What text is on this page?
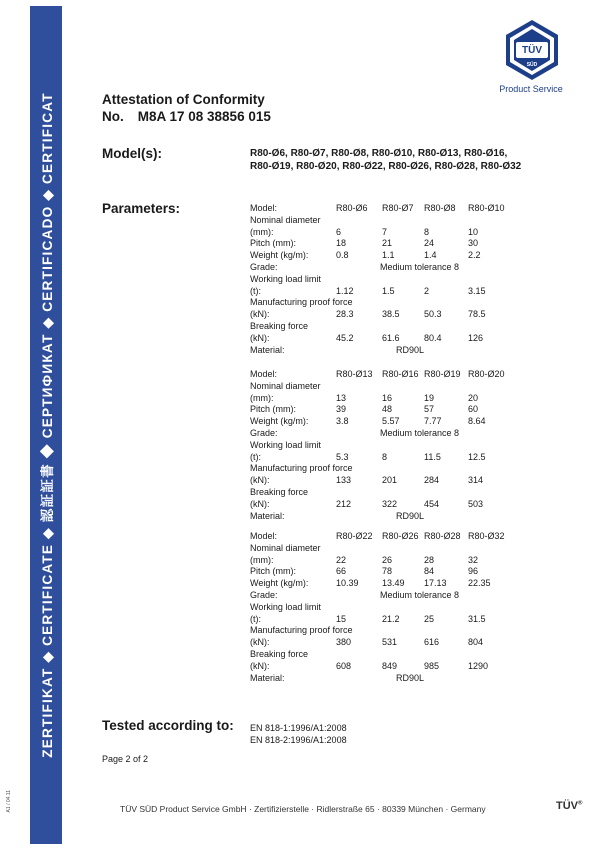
ZERTIFIKAT ◆ CERTIFICATE ◆ 認証証書 ◆ СЕРТИФИКАТ ◆ CERTIFICADO ◆ CERTIFICAT
A1 / 04.11
TÜV
SÜD
Product Service
Attestation of Conformity
No. M8A 17 08 38856 015
Model(s):	R80-Ø6, R80-Ø7, R80-Ø8, R80-Ø10, R80-Ø13, R80-Ø16,
R80-Ø19, R80-Ø20, R80-Ø22, R80-Ø26, R80-Ø28, R80-Ø32
Parameters:	Model:	R80-Ø6 R80-Ø7 R80-Ø8 R80-Ø10
Nominal diameter
(mm):	6	7	8	10
Pitch (mm):	18	21	24	30
Weight (kg/m):	0.8	1.1	1.4	2.2
Grade:	Medium tolerance 8
Working load limit
(t):	1.12	1.5	2	3.15
Manufacturing proof force
(kN):	28.3	38.5	50.3	78.5
Breaking force
(kN):	45.2	61.6	80.4	126
Material:	RD90L
Model:	R80-Ø13 R80-Ø16 R80-Ø19 R80-Ø20
Nominal diameter
(mm):	13	16	19	20
Pitch (mm):	39	48	57	60
Weight (kg/m):	3.8	5.57	7.77	8.64
Grade:	Medium tolerance 8
Working load limit
(t):	5.3	8	11.5	12.5
Manufacturing proof force
(kN):	133	201	284	314
Breaking force
(kN):	212	322	454	503
Material:	RD90L
Model:	R80-Ø22 R80-Ø26 R80-Ø28 R80-Ø32
Nominal diameter
(mm):	22	26	28	32
Pitch (mm):	66	78	84	96
Weight (kg/m):	10.39	13.49 17.13 22.35
Grade:	Medium tolerance 8
Working load limit
(t):	15	21.2	25	31.5
Manufacturing proof force
(kN):	380	531	616	804
Breaking force
(kN):	608	849	985	1290
Material:	RD90L
Tested according to: EN 818-1:1996/A1:2008
EN 818-2:1996/A1:2008
Page 2 of 2
TÜV SÜD Product Service GmbH · Zertifizierstelle · Ridlerstraße 65 · 80339 München · Germany	TÜV®
